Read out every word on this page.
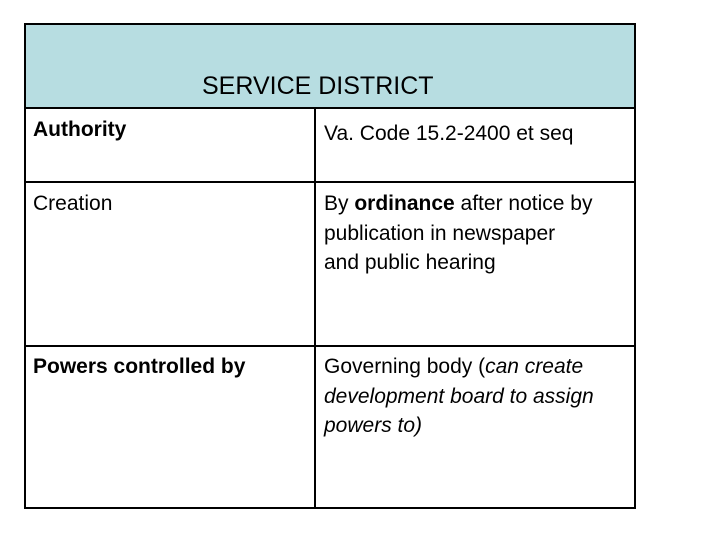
SERVICE DISTRICT
Authority	Va. Code 15.2-2400 et seq
Creation	By ordinance after notice by
publication in newspaper
and public hearing
Powers controlled by	Governing body (can create
development board to assign
powers to)
